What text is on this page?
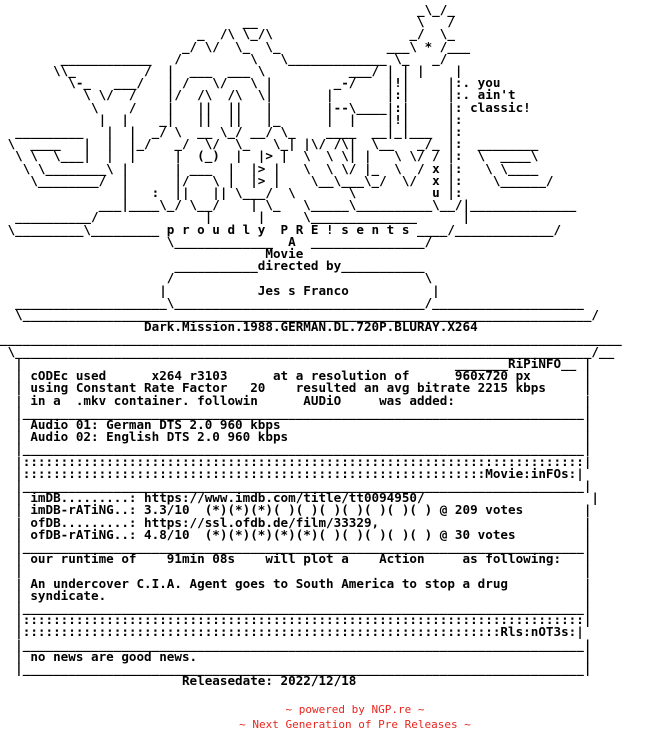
_\_/_
__                     \   /
_  /\ \_/\                  _/  \_
_/ \/  \_  \_              ___\ * /___
____________   /         \   \_____________ \_   _/
\\_         /  |  ___  ___ \           ___/ | | |    |
\-_   ___/   | /   \/   \ |        _-/    |!|     |:. you
\ \/  /    |/  /\  /\  \|       |       |:|     |:. ain't
\    /    |   ||  ||   |       |--\____|:|     |: classic!
|  |    _|   ||  ||   |_      |  |    |!|     |:
_________   |  |  _/ \  __ \_/ __/ \_    ____  __|_|___  |:
\  ____   |  |  |_/   _/  \/  \_   \_| |\/ /\|  \__   _/_ |:  ________
\ \  \___|  |  |     |  (_)  |  |> |  \  \ \| |   \ \/ / |:  \  ____\
\ \________\ |      | ___  |  |> |   \  \ \/ |_  \  / x |:   \ \____
\________/  |      |/   \ |  |> |    \__\___\_/  \/  x |:    \______/
|   :  ||   || \___/  \       \          u |:
___|____\_/ \__/    | \_   \_____\__________\__/|______________
__________/              |      |     \______________      |
\_________\_________ p r o u d l y  P R E ! s e n t s ____/_____________/
\_____________  A  _______________/
Movie
___________directed by___________
/                                 \
|            Jes s Franco           |
____________________\_________________________________/____________________
\___________________________________________________________________________/
Dark.Mission.1988.GERMAN.DL.720P.BLURAY.X264
__________________________________________________________________________________
\____________________________________________________________________________/__
|                                                         _______RiPiNFO__ |
| cODEc used      x264 r3103      at a resolution of      960x720 px       |
| using Constant Rate Factor   20    resulted an avg bitrate 2215 kbps     |
| in a  .mkv container. followin      AUDiO     was added:                 |
|__________________________________________________________________________|
| Audio 01: German DTS 2.0 960 kbps                                        |
| Audio 02: English DTS 2.0 960 kbps                                       |
|__________________________________________________________________________|
|::::::::::::::::::::::::::::::::::::::::::::::::::::::::::::::::::::::::::|
|:::::::::::::::::::::::::::::::::::::::::::::::::::::::::::::Movie:inFOs:|
|__________________________________________________________________________|
| imDB.........: https://www.imdb.com/title/tt0094950/                      |
| imDB-rATiNG..: 3.3/10  (*)(*)(*)( )( )( )( )( )( )( ) @ 209 votes        |
| ofDB.........: https://ssl.ofdb.de/film/33329,                           |
| ofDB-rATiNG..: 4.8/10  (*)(*)(*)(*)(*)( )( )( )( )( ) @ 30 votes         |
|__________________________________________________________________________|
| our runtime of    91min 08s    will plot a    Action     as following:   |
|                                                                          |
| An undercover C.I.A. Agent goes to South America to stop a drug          |
| syndicate.                                                               |
|__________________________________________________________________________|
|::::::::::::::::::::::::::::::::::::::::::::::::::::::::::::::::::::::::::|
|:::::::::::::::::::::::::::::::::::::::::::::::::::::::::::::::Rls:nOT3s:|
|__________________________________________________________________________|
| no news are good news.                                                   |
|__________________________________________________________________________|
Releasedate: 2022/12/18
~ powered by NGP.re ~
~ Next Generation of Pre Releases ~
